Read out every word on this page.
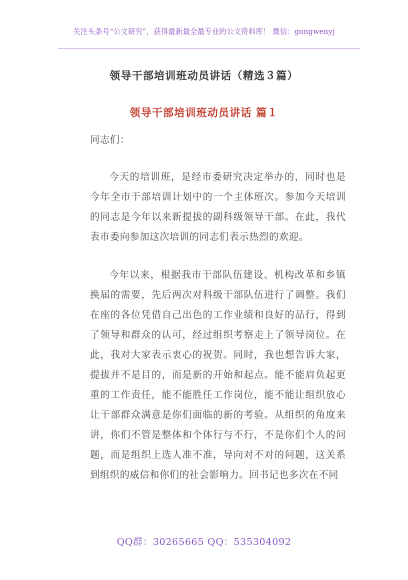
关注头条号“公文研究”，获得最新最全最专业的公文资料库！ 微信：gongwenyj
领导干部培训班动员讲话（精选３篇）
领导干部培训班动员讲话 篇１
同志们：
今天的培训班，是经市委研究决定举办的，同时也是今年全市干部培训计划中的一个主体班次。参加今天培训的同志是今年以来新提拔的副科级领导干部。在此，我代表市委向参加这次培训的同志们表示热烈的欢迎。
今年以来，根据我市干部队伍建设、机构改革和乡镇换届的需要，先后两次对科级干部队伍进行了调整。我们在座的各位凭借自己出色的工作业绩和良好的品行，得到了领导和群众的认可，经过组织考察走上了领导岗位。在此，我对大家表示衷心的祝贺。同时，我也想告诉大家，提拔并不是目的，而是新的开始和起点。能不能肩负起更重的工作责任，能不能胜任工作岗位，能不能让组织放心让干部群众满意是你们面临的新的考验。从组织的角度来讲，你们不管是整体和个体行与不行，不是你们个人的问题，而是组织上选人准不准，导向对不对的问题，这关系到组织的威信和你们的社会影响力。回书记也多次在不同
QQ群：30265665 QQ：535304092
